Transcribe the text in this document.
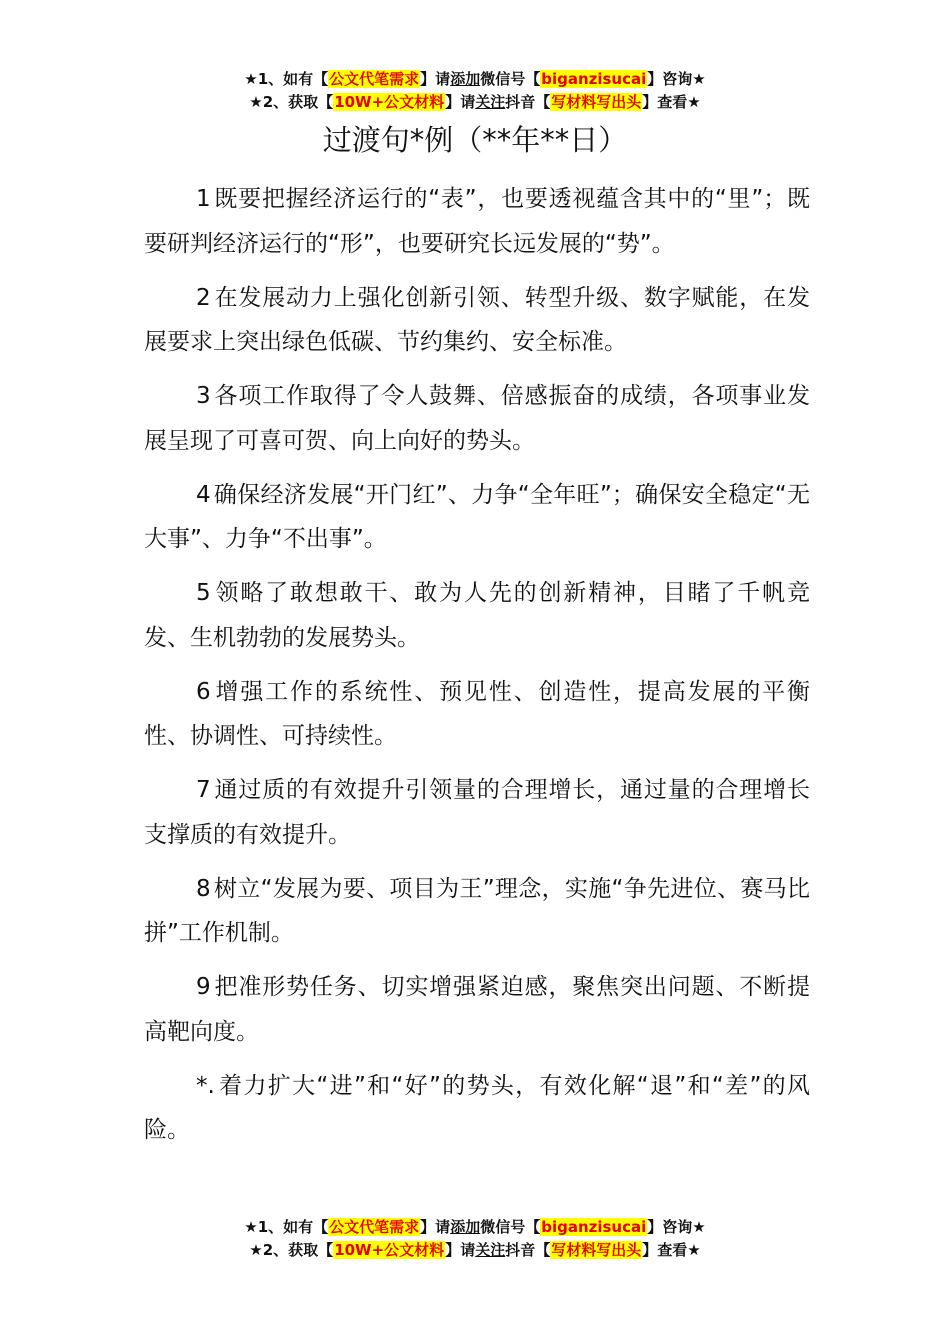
★1、如有【公文代笔需求】请添加微信号【biganzisucai】咨询★
★2、获取【10W+公文材料】请关注抖音【写材料写出头】查看★
过渡句*例（**年**日）

1 既要把握经济运行的“表”，也要透视蕴含其中的“里”；既要研判经济运行的“形”，也要研究长远发展的“势”。

2 在发展动力上强化创新引领、转型升级、数字赋能，在发展要求上突出绿色低碳、节约集约、安全标准。

3 各项工作取得了令人鼓舞、倍感振奋的成绩，各项事业发展呈现了可喜可贺、向上向好的势头。

4 确保经济发展“开门红”、力争“全年旺”；确保安全稳定“无大事”、力争“不出事”。

5 领略了敢想敢干、敢为人先的创新精神，目睹了千帆竞发、生机勃勃的发展势头。

6 增强工作的系统性、预见性、创造性，提高发展的平衡性、协调性、可持续性。

7 通过质的有效提升引领量的合理增长，通过量的合理增长支撑质的有效提升。

8 树立“发展为要、项目为王”理念，实施“争先进位、赛马比拼”工作机制。

9 把准形势任务、切实增强紧迫感，聚焦突出问题、不断提高靶向度。

*. 着力扩大“进”和“好”的势头，有效化解“退”和“差”的风险。

★1、如有【公文代笔需求】请添加微信号【biganzisucai】咨询★
★2、获取【10W+公文材料】请关注抖音【写材料写出头】查看★
